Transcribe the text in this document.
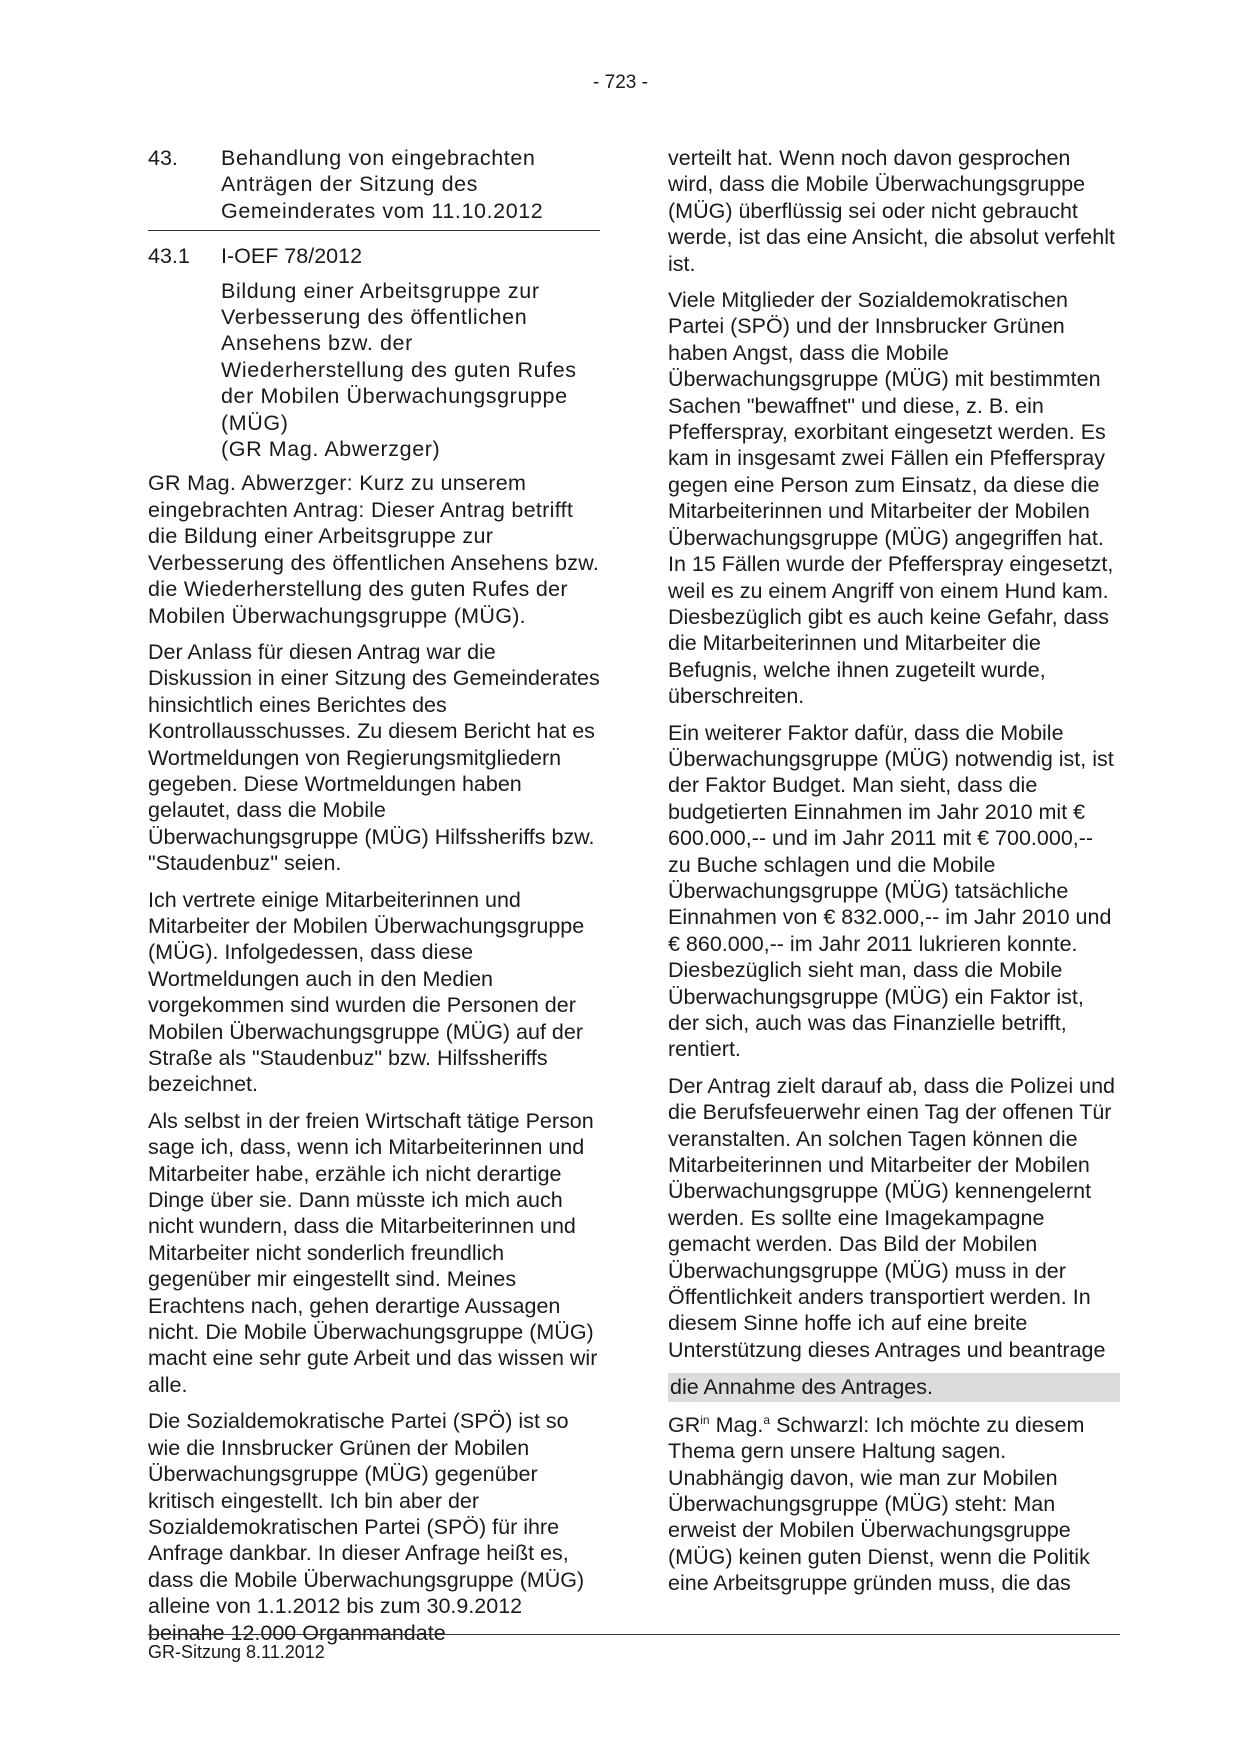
- 723 -
43.	Behandlung von eingebrachten Anträgen der Sitzung des Gemeinderates vom 11.10.2012
43.1	I-OEF 78/2012
Bildung einer Arbeitsgruppe zur Verbesserung des öffentlichen Ansehens bzw. der Wiederherstellung des guten Rufes der Mobilen Überwachungsgruppe (MÜG)
(GR Mag. Abwerzger)

GR Mag. Abwerzger: Kurz zu unserem eingebrachten Antrag: Dieser Antrag betrifft die Bildung einer Arbeitsgruppe zur Verbesserung des öffentlichen Ansehens bzw. die Wiederherstellung des guten Rufes der Mobilen Überwachungsgruppe (MÜG).

Der Anlass für diesen Antrag war die Diskussion in einer Sitzung des Gemeinderates hinsichtlich eines Berichtes des Kontrollausschusses. Zu diesem Bericht hat es Wortmeldungen von Regierungsmitgliedern gegeben. Diese Wortmeldungen haben gelautet, dass die Mobile Überwachungsgruppe (MÜG) Hilfssheriffs bzw. "Staudenbuz" seien.

Ich vertrete einige Mitarbeiterinnen und Mitarbeiter der Mobilen Überwachungsgruppe (MÜG). Infolgedessen, dass diese Wortmeldungen auch in den Medien vorgekommen sind wurden die Personen der Mobilen Überwachungsgruppe (MÜG) auf der Straße als "Staudenbuz" bzw. Hilfssheriffs bezeichnet.

Als selbst in der freien Wirtschaft tätige Person sage ich, dass, wenn ich Mitarbeiterinnen und Mitarbeiter habe, erzähle ich nicht derartige Dinge über sie. Dann müsste ich mich auch nicht wundern, dass die Mitarbeiterinnen und Mitarbeiter nicht sonderlich freundlich gegenüber mir eingestellt sind. Meines Erachtens nach, gehen derartige Aussagen nicht. Die Mobile Überwachungsgruppe (MÜG) macht eine sehr gute Arbeit und das wissen wir alle.

Die Sozialdemokratische Partei (SPÖ) ist so wie die Innsbrucker Grünen der Mobilen Überwachungsgruppe (MÜG) gegenüber kritisch eingestellt. Ich bin aber der Sozialdemokratischen Partei (SPÖ) für ihre Anfrage dankbar. In dieser Anfrage heißt es, dass die Mobile Überwachungsgruppe (MÜG) alleine von 1.1.2012 bis zum 30.9.2012 beinahe 12.000 Organmandate

verteilt hat. Wenn noch davon gesprochen wird, dass die Mobile Überwachungsgruppe (MÜG) überflüssig sei oder nicht gebraucht werde, ist das eine Ansicht, die absolut verfehlt ist.

Viele Mitglieder der Sozialdemokratischen Partei (SPÖ) und der Innsbrucker Grünen haben Angst, dass die Mobile Überwachungsgruppe (MÜG) mit bestimmten Sachen "bewaffnet" und diese, z. B. ein Pfefferspray, exorbitant eingesetzt werden. Es kam in insgesamt zwei Fällen ein Pfefferspray gegen eine Person zum Einsatz, da diese die Mitarbeiterinnen und Mitarbeiter der Mobilen Überwachungsgruppe (MÜG) angegriffen hat. In 15 Fällen wurde der Pfefferspray eingesetzt, weil es zu einem Angriff von einem Hund kam. Diesbezüglich gibt es auch keine Gefahr, dass die Mitarbeiterinnen und Mitarbeiter die Befugnis, welche ihnen zugeteilt wurde, überschreiten.

Ein weiterer Faktor dafür, dass die Mobile Überwachungsgruppe (MÜG) notwendig ist, ist der Faktor Budget. Man sieht, dass die budgetierten Einnahmen im Jahr 2010 mit € 600.000,-- und im Jahr 2011 mit € 700.000,-- zu Buche schlagen und die Mobile Überwachungsgruppe (MÜG) tatsächliche Einnahmen von € 832.000,-- im Jahr 2010 und € 860.000,-- im Jahr 2011 lukrieren konnte. Diesbezüglich sieht man, dass die Mobile Überwachungsgruppe (MÜG) ein Faktor ist, der sich, auch was das Finanzielle betrifft, rentiert.

Der Antrag zielt darauf ab, dass die Polizei und die Berufsfeuerwehr einen Tag der offenen Tür veranstalten. An solchen Tagen können die Mitarbeiterinnen und Mitarbeiter der Mobilen Überwachungsgruppe (MÜG) kennengelernt werden. Es sollte eine Imagekampagne gemacht werden. Das Bild der Mobilen Überwachungsgruppe (MÜG) muss in der Öffentlichkeit anders transportiert werden. In diesem Sinne hoffe ich auf eine breite Unterstützung dieses Antrages und beantrage

die Annahme des Antrages.

$GR^{in}$ Mag.$^a$ Schwarzl: Ich möchte zu diesem Thema gern unsere Haltung sagen. Unabhängig davon, wie man zur Mobilen Überwachungsgruppe (MÜG) steht: Man erweist der Mobilen Überwachungsgruppe (MÜG) keinen guten Dienst, wenn die Politik eine Arbeitsgruppe gründen muss, die das

GR-Sitzung 8.11.2012
